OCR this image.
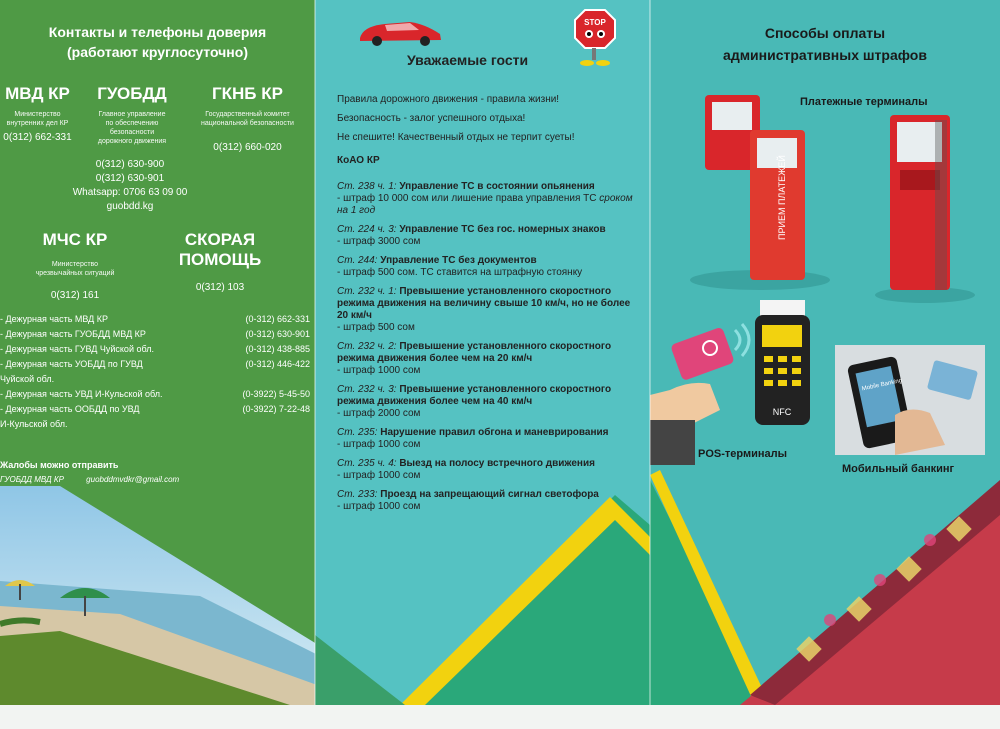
Контакты и телефоны доверия
(работают круглосуточно)
МВД КР
Министерство
внутренних дел КР
0(312) 662-331
ГУОБДД
Главное управление
по обеспечению
безопасности
дорожного движения
ГКНБ КР
Государственный комитет
национальной безопасности
0(312) 660-020
0(312) 630-900
0(312) 630-901
Whatsapp: 0706 63 09 00
guobdd.kg
МЧС КР
Министерство
чрезвычайных ситуаций
0(312) 161
СКОРАЯ
ПОМОЩЬ
0(312) 103
- Дежурная часть МВД КР	(0-312) 662-331
- Дежурная часть ГУОБДД МВД КР	(0-312) 630-901
- Дежурная часть ГУВД Чуйской обл.	(0-312) 438-885
- Дежурная часть УОБДД по ГУВД	(0-312) 446-422
Чуйской обл.
- Дежурная часть УВД И-Кульской обл.	(0-3922) 5-45-50
- Дежурная часть ООБДД по УВД	(0-3922) 7-22-48
И-Кульской обл.
Жалобы можно отправить
ГУОБДД МВД КР	guobddmvdkr@gmail.com
STOP
Уважаемые гости
Правила дорожного движения - правила жизни!
Безопасность - залог успешного отдыха!
Не спешите! Качественный отдых не терпит суеты!
КоАО КР
Ст. 238 ч. 1: Управление ТС в состоянии опьянения
- штраф 10 000 сом или лишение права управления ТС сроком на 1 год
Ст. 224 ч. 3: Управление ТС без гос. номерных знаков
- штраф 3000 сом
Ст. 244: Управление ТС без документов
- штраф 500 сом. ТС ставится на штрафную стоянку
Ст. 232 ч. 1: Превышение установленного скоростного режима движения на величину свыше 10 км/ч, но не более 20 км/ч
- штраф 500 сом
Ст. 232 ч. 2: Превышение установленного скоростного режима движения более чем на 20 км/ч
- штраф 1000 сом
Ст. 232 ч. 3: Превышение установленного скоростного режима движения более чем на 40 км/ч
- штраф 2000 сом
Ст. 235: Нарушение правил обгона и маневрирования
- штраф 1000 сом
Ст. 235 ч. 4: Выезд на полосу встречного движения
- штраф 1000 сом
Ст. 233: Проезд на запрещающий сигнал светофора
- штраф 1000 сом
Способы оплаты
административных штрафов
Платежные терминалы
ПРИЕМ ПЛАТЕЖЕЙ
NFC
POS-терминалы
Mobile Banking
Мобильный банкинг
